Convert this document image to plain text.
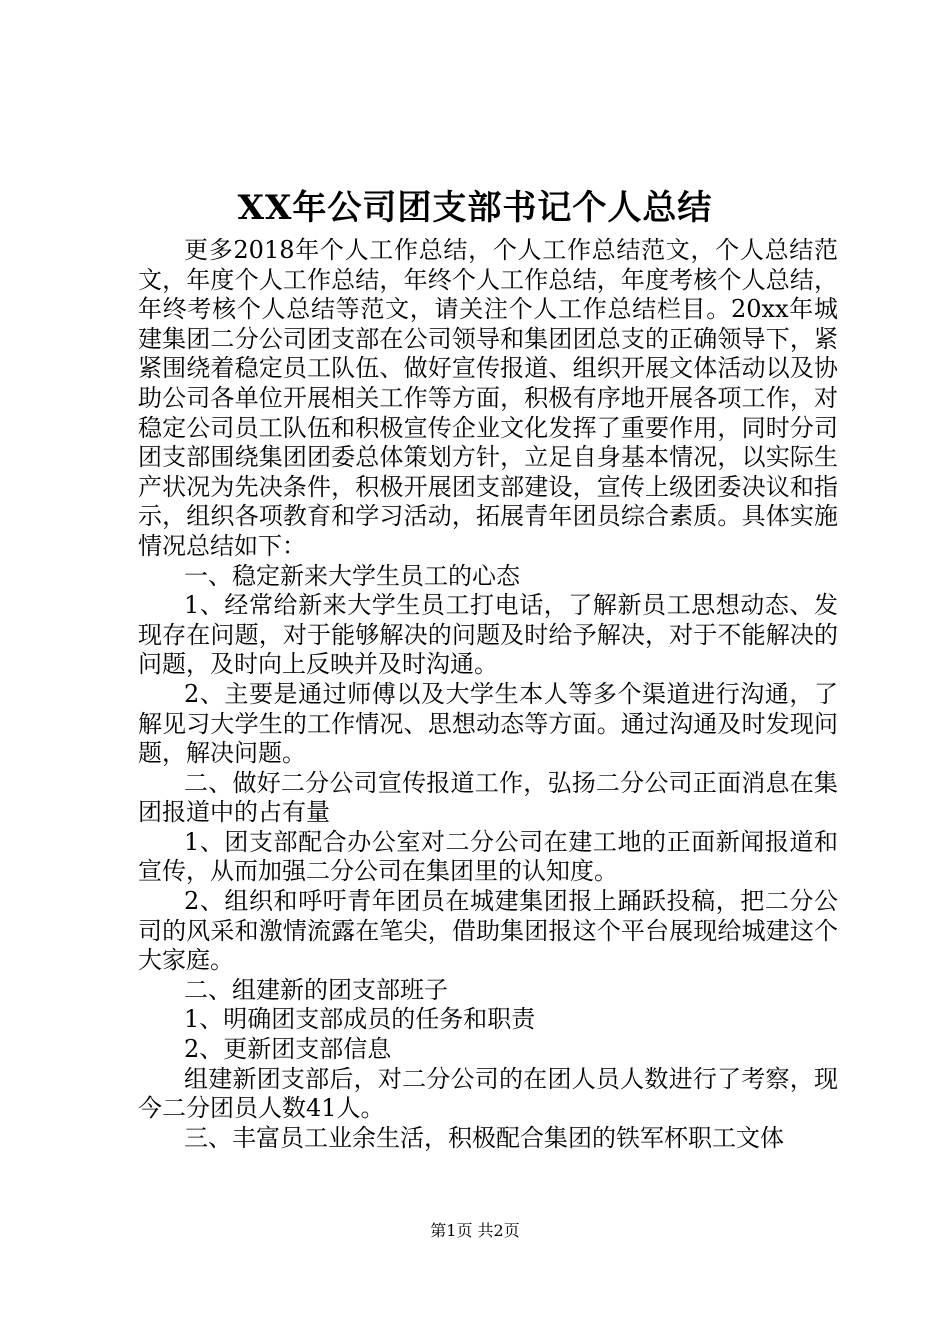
XX年公司团支部书记个人总结

更多2018年个人工作总结，个人工作总结范文，个人总结范文，年度个人工作总结，年终个人工作总结，年度考核个人总结，年终考核个人总结等范文，请关注个人工作总结栏目。20xx年城建集团二分公司团支部在公司领导和集团团总支的正确领导下，紧紧围绕着稳定员工队伍、做好宣传报道、组织开展文体活动以及协助公司各单位开展相关工作等方面，积极有序地开展各项工作，对稳定公司员工队伍和积极宣传企业文化发挥了重要作用，同时分司团支部围绕集团团委总体策划方针，立足自身基本情况，以实际生产状况为先决条件，积极开展团支部建设，宣传上级团委决议和指示，组织各项教育和学习活动，拓展青年团员综合素质。具体实施情况总结如下：

一、稳定新来大学生员工的心态

1、经常给新来大学生员工打电话，了解新员工思想动态、发现存在问题，对于能够解决的问题及时给予解决，对于不能解决的问题，及时向上反映并及时沟通。

2、主要是通过师傅以及大学生本人等多个渠道进行沟通，了解见习大学生的工作情况、思想动态等方面。通过沟通及时发现问题，解决问题。

二、做好二分公司宣传报道工作，弘扬二分公司正面消息在集团报道中的占有量

1、团支部配合办公室对二分公司在建工地的正面新闻报道和宣传，从而加强二分公司在集团里的认知度。

2、组织和呼吁青年团员在城建集团报上踊跃投稿，把二分公司的风采和激情流露在笔尖，借助集团报这个平台展现给城建这个大家庭。

二、组建新的团支部班子

1、明确团支部成员的任务和职责

2、更新团支部信息

组建新团支部后，对二分公司的在团人员人数进行了考察，现今二分团员人数41人。

三、丰富员工业余生活，积极配合集团的铁军杯职工文体

第1页 共2页
